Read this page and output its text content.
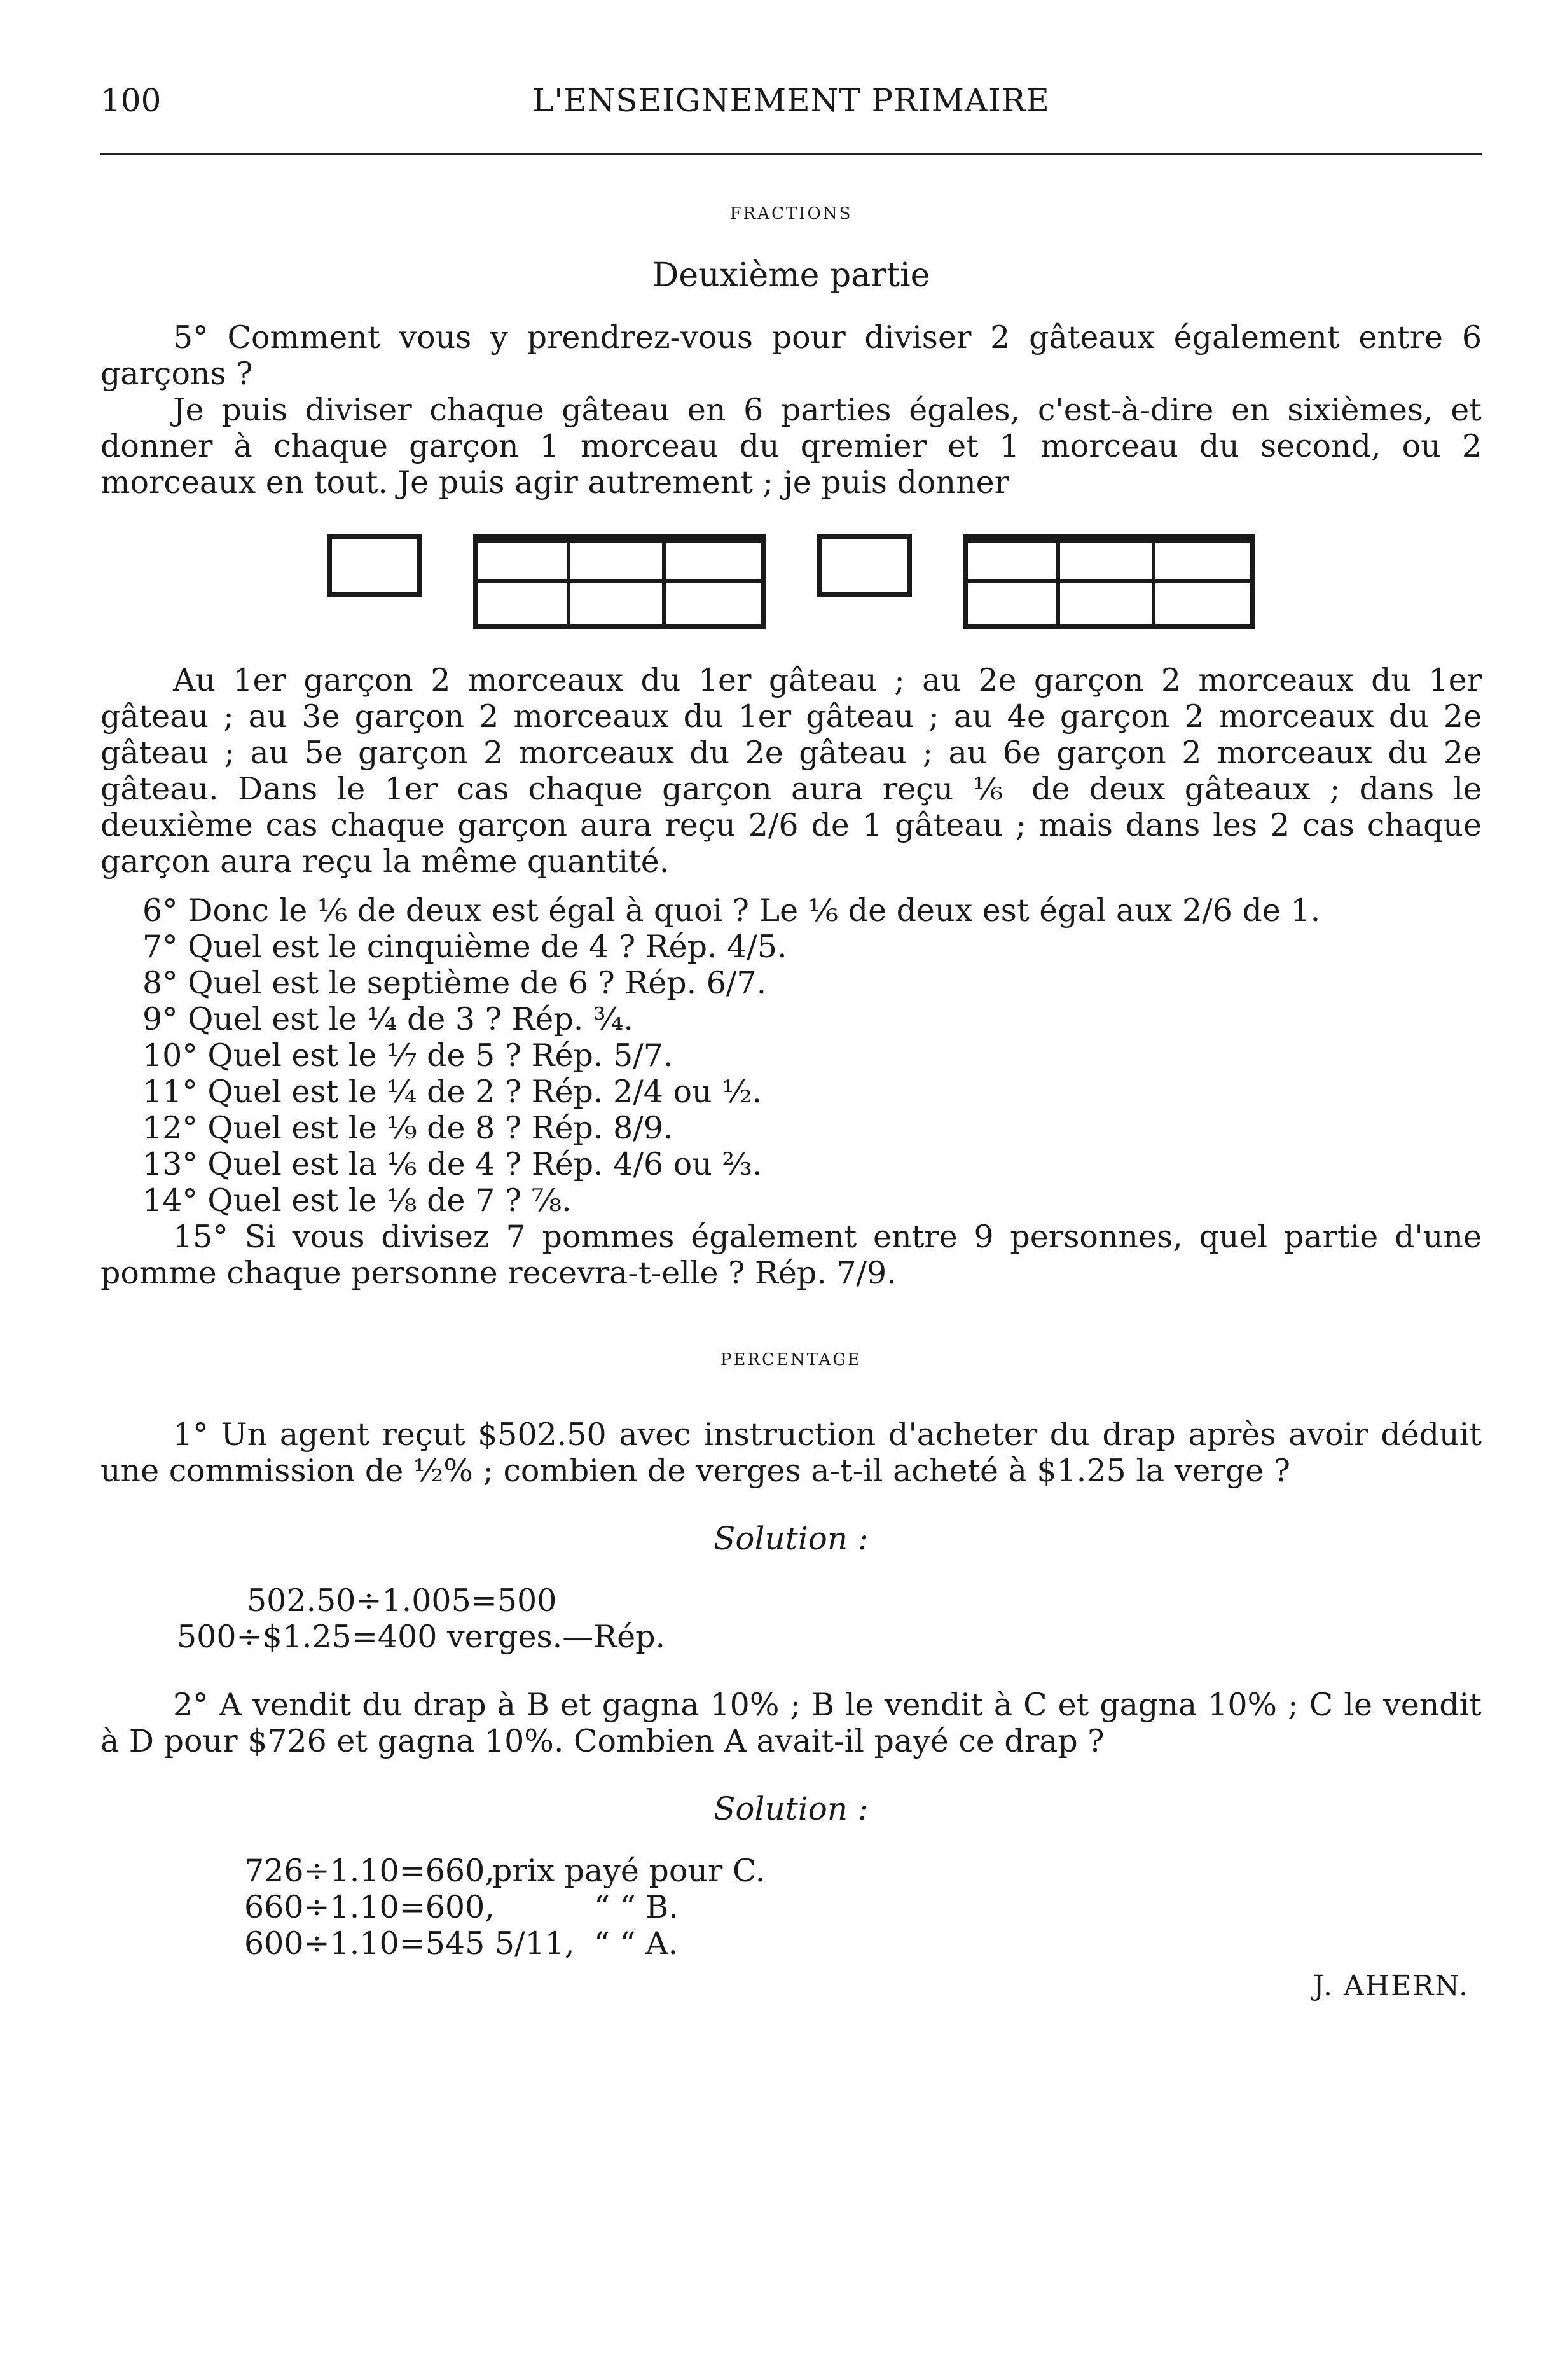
100	L'ENSEIGNEMENT PRIMAIRE
FRACTIONS
Deuxième partie

5° Comment vous y prendrez-vous pour diviser 2 gâteaux également entre 6 garçons ?

Je puis diviser chaque gâteau en 6 parties égales, c'est-à-dire en sixièmes, et donner à chaque garçon 1 morceau du qremier et 1 morceau du second, ou 2 morceaux en tout. Je puis agir autrement ; je puis donner

Au 1er garçon 2 morceaux du 1er gâteau ; au 2e garçon 2 morceaux du 1er gâteau ; au 3e garçon 2 morceaux du 1er gâteau ; au 4e garçon 2 morceaux du 2e gâteau ; au 5e garçon 2 morceaux du 2e gâteau ; au 6e garçon 2 morceaux du 2e gâteau. Dans le 1er cas chaque garçon aura reçu ⅙ de deux gâteaux ; dans le deuxième cas chaque garçon aura reçu 2/6 de 1 gâteau ; mais dans les 2 cas chaque garçon aura reçu la même quantité.

6° Donc le ⅙ de deux est égal à quoi ? Le ⅙ de deux est égal aux 2/6 de 1.
7° Quel est le cinquième de 4 ? Rép. 4/5.
8° Quel est le septième de 6 ? Rép. 6/7.
9° Quel est le ¼ de 3 ? Rép. ¾.
10° Quel est le ⅐ de 5 ? Rép. 5/7.
11° Quel est le ¼ de 2 ? Rép. 2/4 ou ½.
12° Quel est le ⅑ de 8 ? Rép. 8/9.
13° Quel est la ⅙ de 4 ? Rép. 4/6 ou ⅔.
14° Quel est le ⅛ de 7 ? ⅞.
15° Si vous divisez 7 pommes également entre 9 personnes, quel partie d'une pomme chaque personne recevra-t-elle ? Rép. 7/9.
PERCENTAGE

1° Un agent reçut $502.50 avec instruction d'acheter du drap après avoir déduit une commission de ½% ; combien de verges a-t-il acheté à $1.25 la verge ?

Solution :
502.50÷1.005=500
500÷$1.25=400 verges.—Rép.

2° A vendit du drap à B et gagna 10% ; B le vendit à C et gagna 10% ; C le vendit à D pour $726 et gagna 10%. Combien A avait-il payé ce drap ?

Solution :
726÷1.10=660,prix payé pour C.
660÷1.10=600,	“ “ B.
600÷1.10=545 5/11, “ “ A.
J. AHERN.
